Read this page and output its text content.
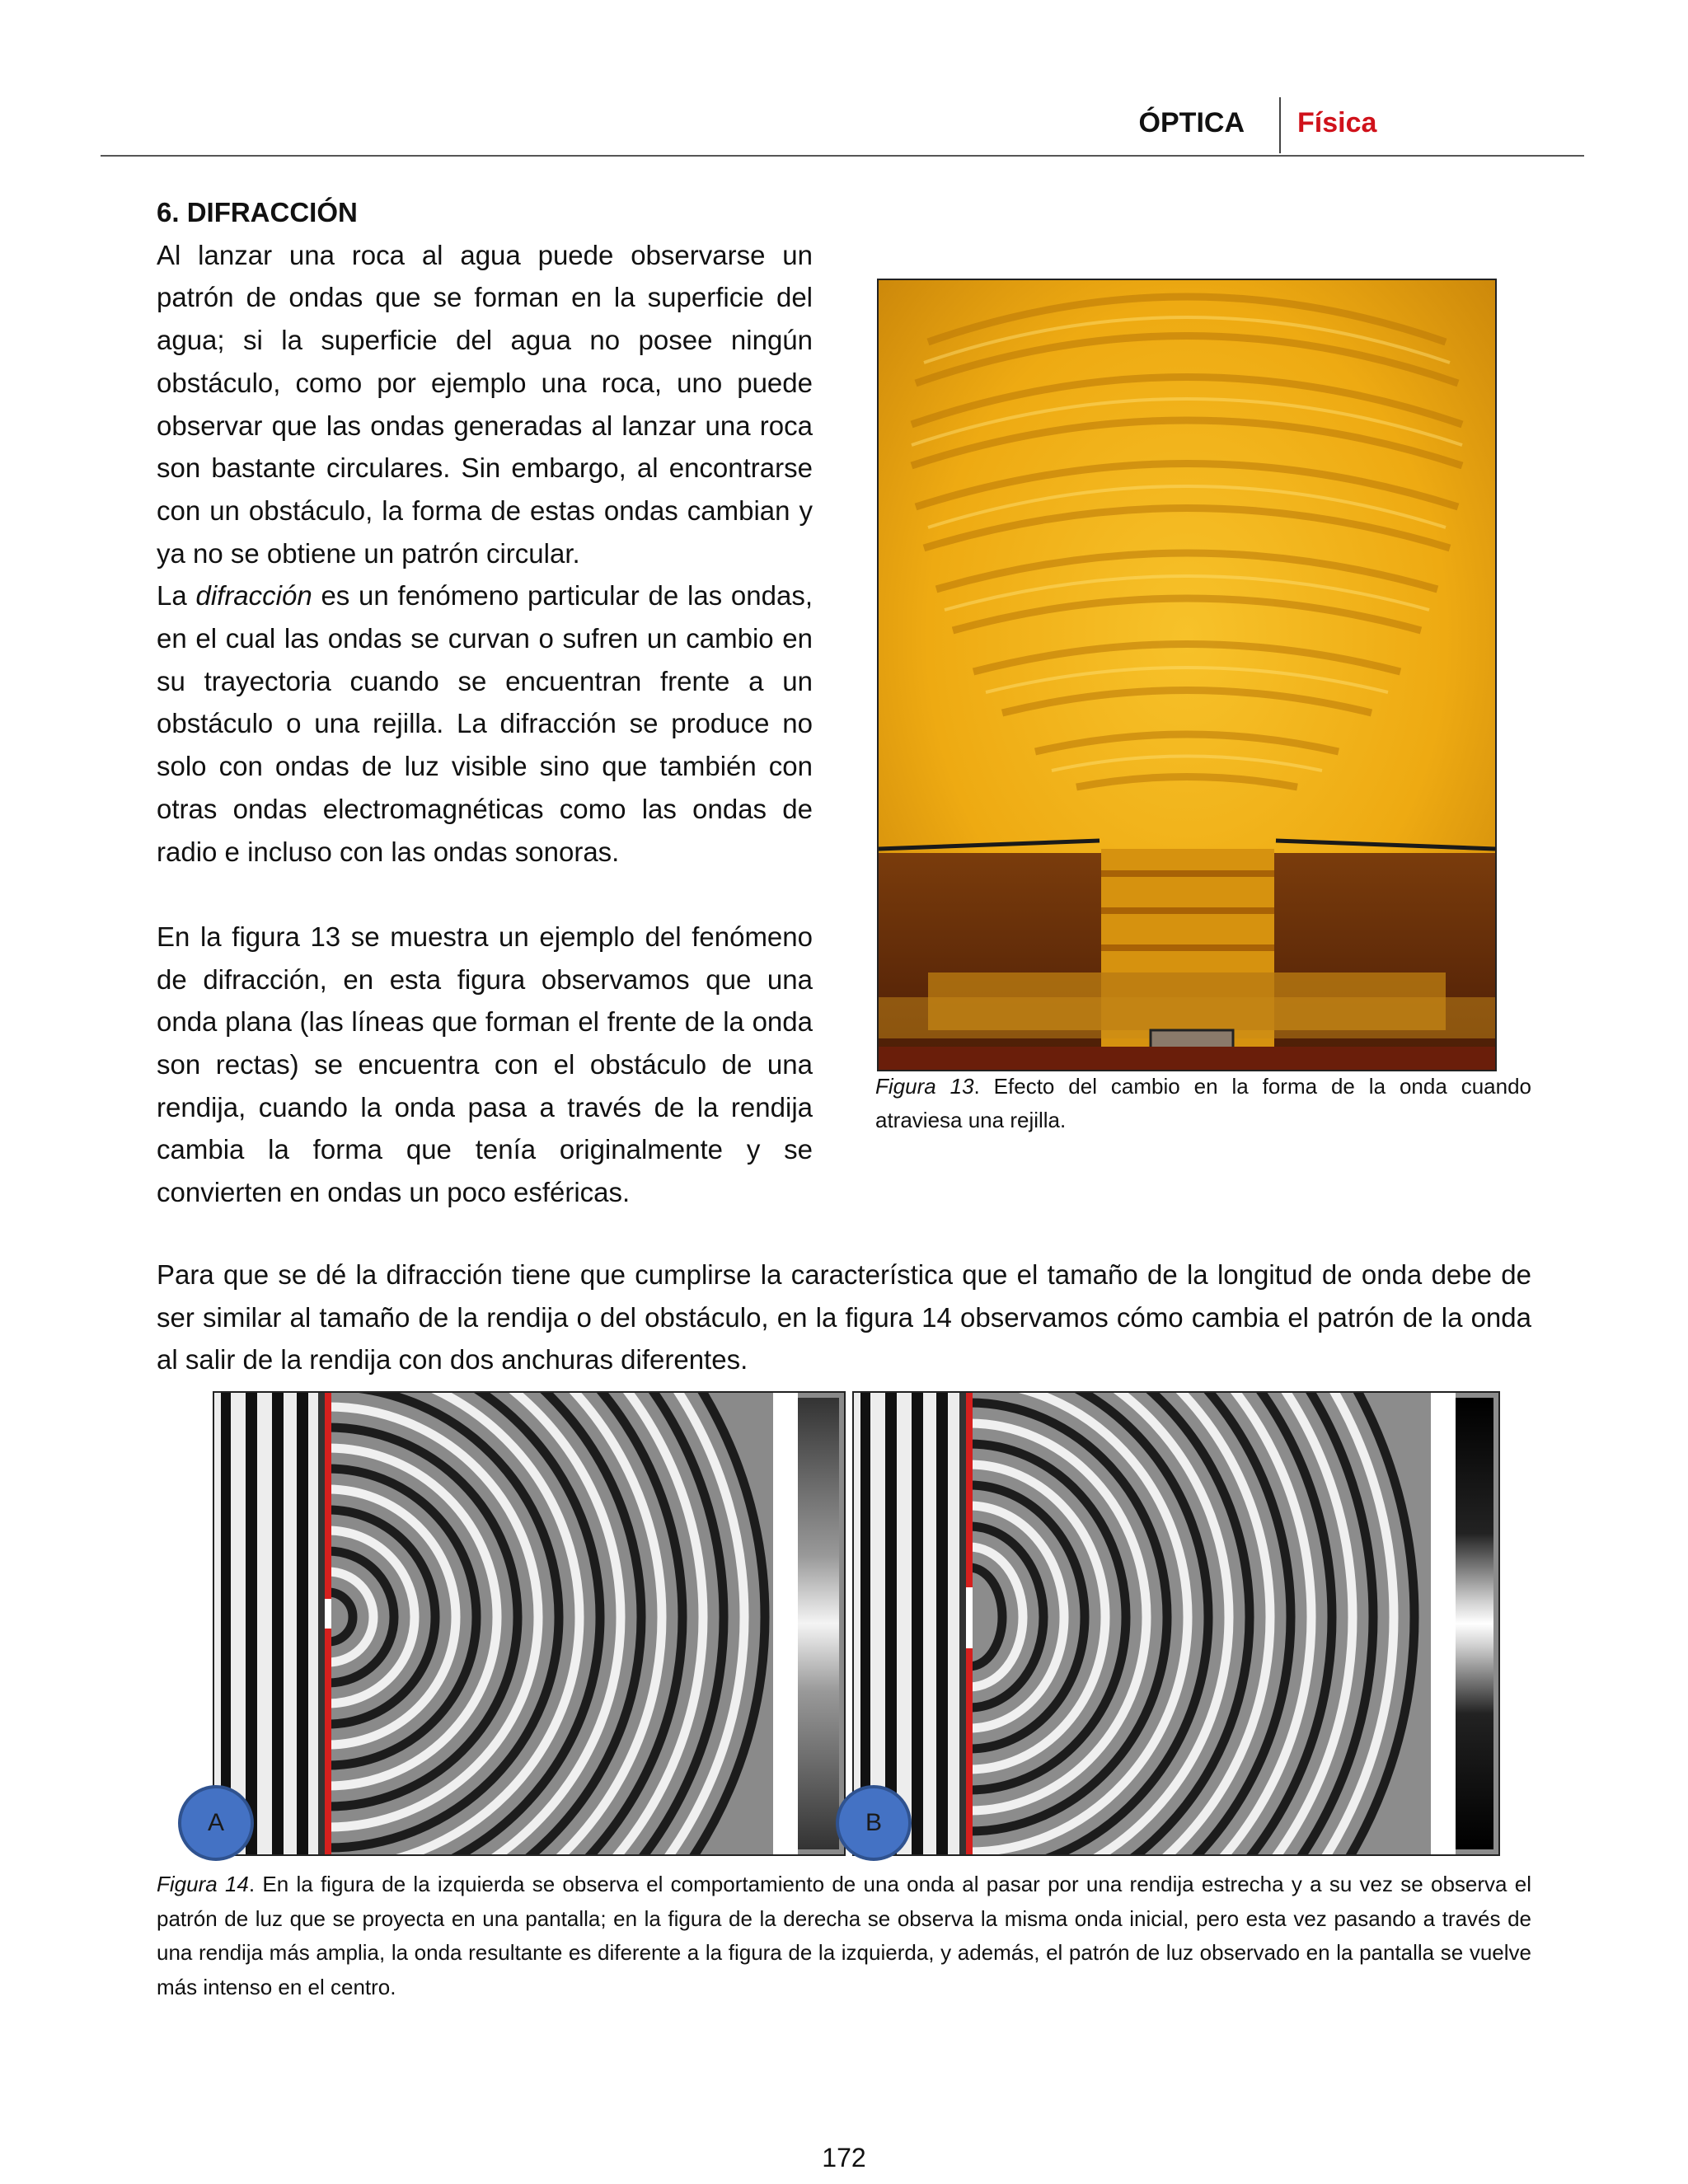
ÓPTICA Física

6. DIFRACCIÓN

Al lanzar una roca al agua puede observarse un patrón de ondas que se forman en la superficie del agua; si la superficie del agua no posee ningún obstáculo, como por ejemplo una roca, uno puede observar que las ondas generadas al lanzar una roca son bastante circulares. Sin embargo, al encontrarse con un obstáculo, la forma de estas ondas cambian y ya no se obtiene un patrón circular.

La difracción es un fenómeno particular de las ondas, en el cual las ondas se curvan o sufren un cambio en su trayectoria cuando se encuentran frente a un obstáculo o una rejilla. La difracción se produce no solo con ondas de luz visible sino que también con otras ondas electromagnéticas como las ondas de radio e incluso con las ondas sonoras.

En la figura 13 se muestra un ejemplo del fenómeno de difracción, en esta figura observamos que una onda plana (las líneas que forman el frente de la onda son rectas) se encuentra con el obstáculo de una rendija, cuando la onda pasa a través de la rendija cambia la forma que tenía originalmente y se convierten en ondas un poco esféricas.

Figura 13. Efecto del cambio en la forma de la onda cuando atraviesa una rejilla.
Para que se dé la difracción tiene que cumplirse la característica que el tamaño de la longitud de onda debe de ser similar al tamaño de la rendija o del obstáculo, en la figura 14 observamos cómo cambia el patrón de la onda al salir de la rendija con dos anchuras diferentes.
A	B
Figura 14. En la figura de la izquierda se observa el comportamiento de una onda al pasar por una rendija estrecha y a su vez se observa el patrón de luz que se proyecta en una pantalla; en la figura de la derecha se observa la misma onda inicial, pero esta vez pasando a través de una rendija más amplia, la onda resultante es diferente a la figura de la izquierda, y además, el patrón de luz observado en la pantalla se vuelve más intenso en el centro.
172
